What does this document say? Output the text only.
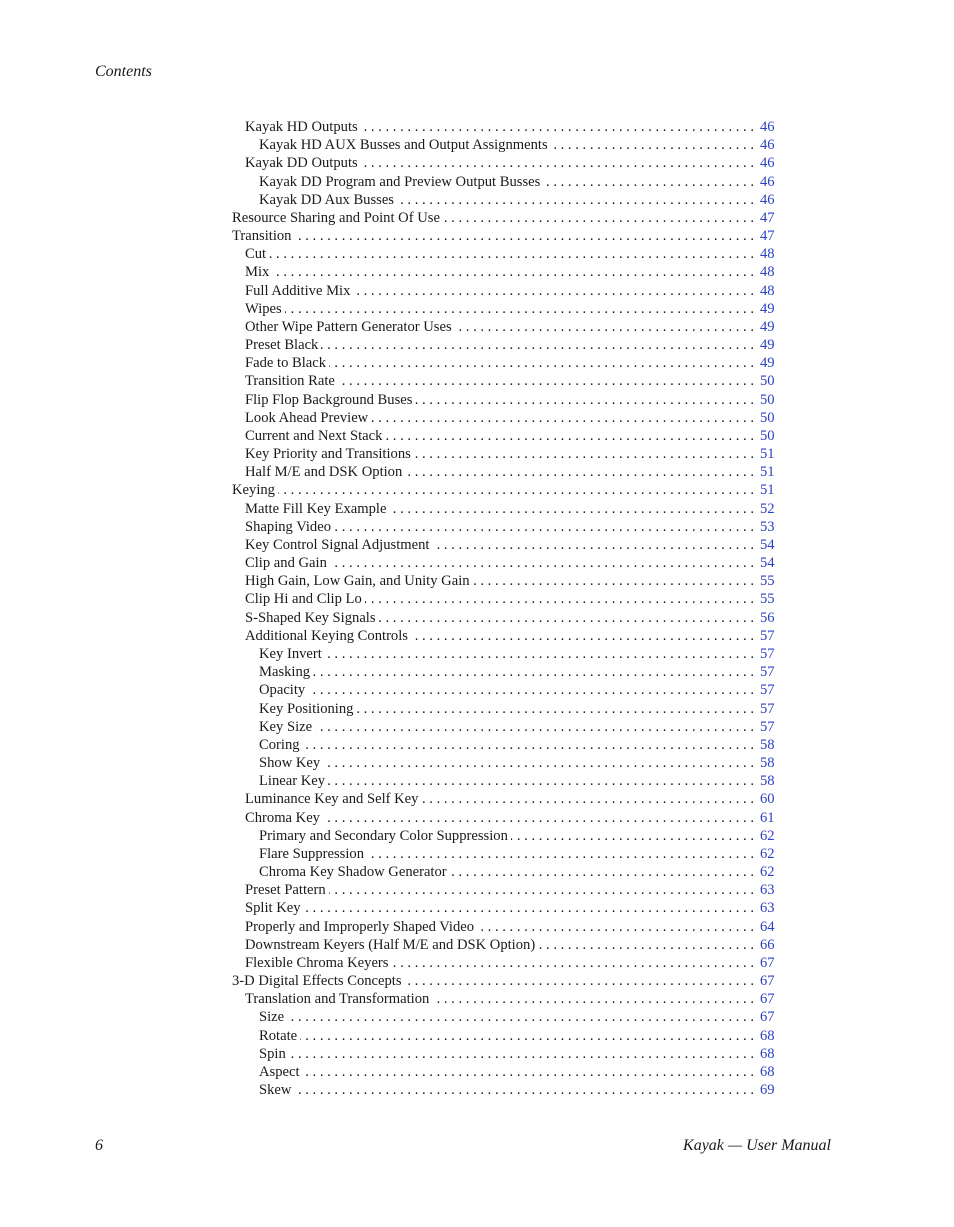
Contents
Kayak HD Outputs . . .	46
Kayak HD AUX Busses and Output Assignments . . .	46
Kayak DD Outputs . . .	46
Kayak DD Program and Preview Output Busses . . .	46
Kayak DD Aux Busses . . .	46
Resource Sharing and Point Of Use . . .	47
Transition . . .	47
Cut . . .	48
Mix . . .	48
Full Additive Mix . . .	48
Wipes . . .	49
Other Wipe Pattern Generator Uses . . .	49
Preset Black . . .	49
Fade to Black . . .	49
Transition Rate . . .	50
Flip Flop Background Buses . . .	50
Look Ahead Preview . . .	50
Current and Next Stack . . .	50
Key Priority and Transitions . . .	51
Half M/E and DSK Option . . .	51
Keying . . .	51
Matte Fill Key Example . . .	52
Shaping Video . . .	53
Key Control Signal Adjustment . . .	54
Clip and Gain . . .	54
High Gain, Low Gain, and Unity Gain . . .	55
Clip Hi and Clip Lo . . .	55
S-Shaped Key Signals . . .	56
Additional Keying Controls . . .	57
Key Invert . . .	57
Masking . . .	57
Opacity . . .	57
Key Positioning . . .	57
Key Size . . .	57
Coring . . .	58
Show Key . . .	58
Linear Key . . .	58
Luminance Key and Self Key . . .	60
Chroma Key . . .	61
Primary and Secondary Color Suppression . . .	62
Flare Suppression . . .	62
Chroma Key Shadow Generator . . .	62
Preset Pattern . . .	63
Split Key . . .	63
Properly and Improperly Shaped Video . . .	64
Downstream Keyers (Half M/E and DSK Option) . . .	66
Flexible Chroma Keyers . . .	67
3-D Digital Effects Concepts . . .	67
Translation and Transformation . . .	67
Size . . .	67
Rotate . . .	68
Spin . . .	68
Aspect . . .	68
Skew . . .	69
6	Kayak — User Manual
